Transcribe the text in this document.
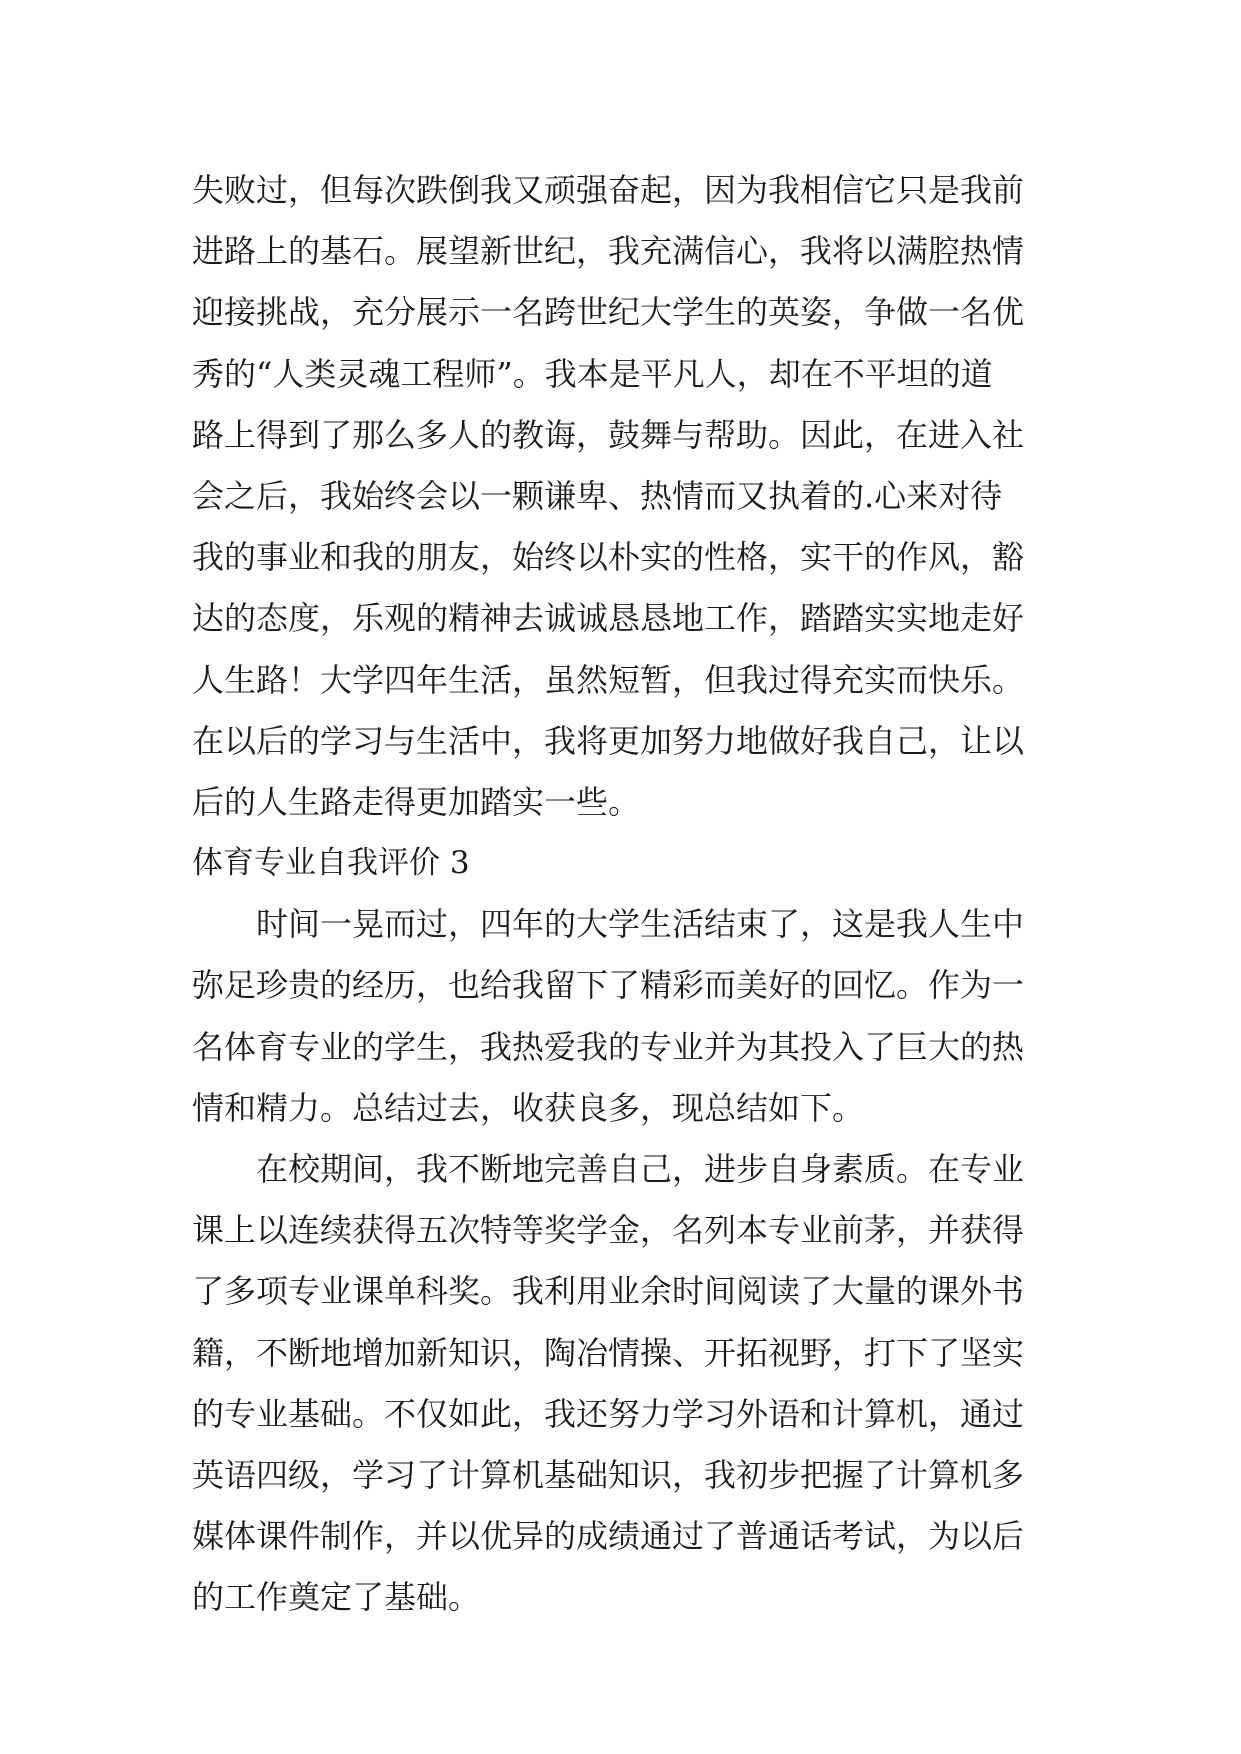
失败过，但每次跌倒我又顽强奋起，因为我相信它只是我前
进路上的基石。展望新世纪，我充满信心，我将以满腔热情
迎接挑战，充分展示一名跨世纪大学生的英姿，争做一名优
秀的“人类灵魂工程师”。我本是平凡人，却在不平坦的道
路上得到了那么多人的教诲，鼓舞与帮助。因此，在进入社
会之后，我始终会以一颗谦卑、热情而又执着的.心来对待
我的事业和我的朋友，始终以朴实的性格，实干的作风，豁
达的态度，乐观的精神去诚诚恳恳地工作，踏踏实实地走好
人生路！大学四年生活，虽然短暂，但我过得充实而快乐。
在以后的学习与生活中，我将更加努力地做好我自己，让以
后的人生路走得更加踏实一些。
体育专业自我评价 3
时间一晃而过，四年的大学生活结束了，这是我人生中
弥足珍贵的经历，也给我留下了精彩而美好的回忆。作为一
名体育专业的学生，我热爱我的专业并为其投入了巨大的热
情和精力。总结过去，收获良多，现总结如下。
在校期间，我不断地完善自己，进步自身素质。在专业
课上以连续获得五次特等奖学金，名列本专业前茅，并获得
了多项专业课单科奖。我利用业余时间阅读了大量的课外书
籍，不断地增加新知识，陶冶情操、开拓视野，打下了坚实
的专业基础。不仅如此，我还努力学习外语和计算机，通过
英语四级，学习了计算机基础知识，我初步把握了计算机多
媒体课件制作，并以优异的成绩通过了普通话考试，为以后
的工作奠定了基础。
